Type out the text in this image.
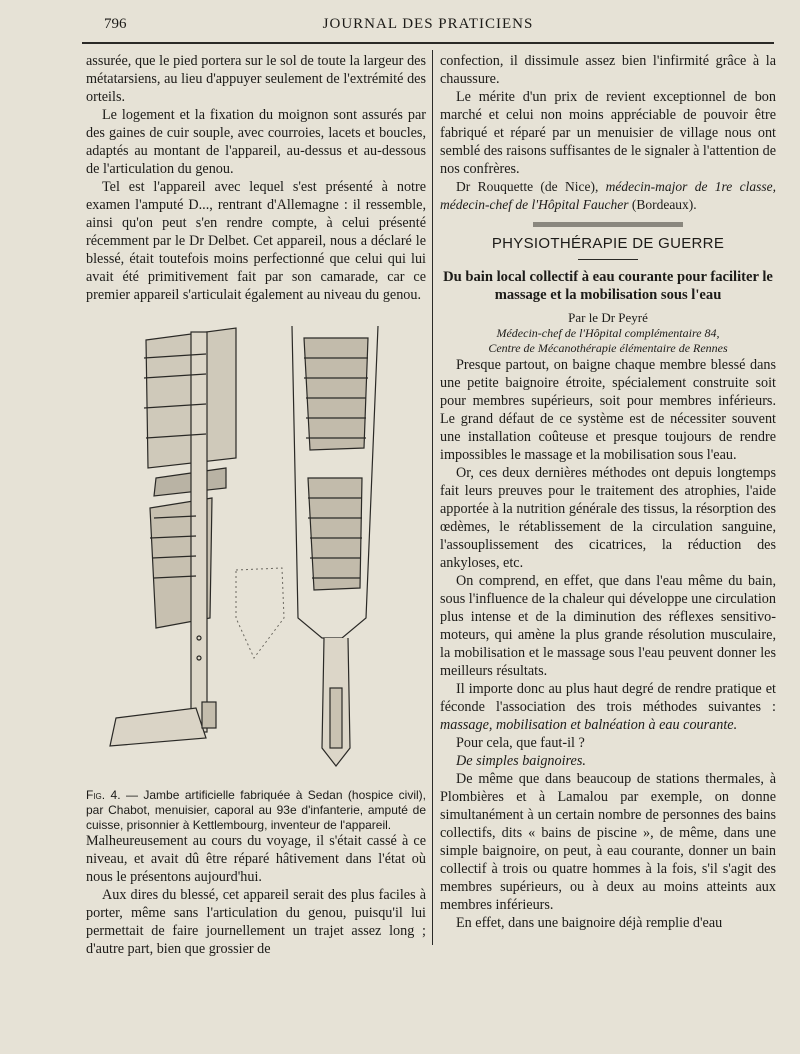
796	JOURNAL DES PRATICIENS

assurée, que le pied portera sur le sol de toute la largeur des métatarsiens, au lieu d'appuyer seulement de l'extrémité des orteils.

Le logement et la fixation du moignon sont assurés par des gaines de cuir souple, avec courroies, lacets et boucles, adaptés au montant de l'appareil, au-dessus et au-dessous de l'articulation du genou.

Tel est l'appareil avec lequel s'est présenté à notre examen l'amputé D..., rentrant d'Allemagne : il ressemble, ainsi qu'on peut s'en rendre compte, à celui présenté récemment par le Dr Delbet. Cet appareil, nous a déclaré le blessé, était toutefois moins perfectionné que celui qui lui avait été primitivement fait par son camarade, car ce premier appareil s'articulait également au niveau du genou.

Fig. 4. — Jambe artificielle fabriquée à Sedan (hospice civil), par Chabot, menuisier, caporal au 93e d'infanterie, amputé de cuisse, prisonnier à Kettlembourg, inventeur de l'appareil.

Malheureusement au cours du voyage, il s'était cassé à ce niveau, et avait dû être réparé hâtivement dans l'état où nous le présentons aujourd'hui.

Aux dires du blessé, cet appareil serait des plus faciles à porter, même sans l'articulation du genou, puisqu'il lui permettait de faire journellement un trajet assez long ; d'autre part, bien que grossier de

confection, il dissimule assez bien l'infirmité grâce à la chaussure.

Le mérite d'un prix de revient exceptionnel de bon marché et celui non moins appréciable de pouvoir être fabriqué et réparé par un menuisier de village nous ont semblé des raisons suffisantes de le signaler à l'attention de nos confrères.

Dr Rouquette (de Nice), médecin-major de 1re classe, médecin-chef de l'Hôpital Faucher (Bordeaux).

PHYSIOTHÉRAPIE DE GUERRE
Du bain local collectif à eau courante pour faciliter le massage et la mobilisation sous l'eau
Par le Dr Peyré
Médecin-chef de l'Hôpital complémentaire 84,
Centre de Mécanothérapie élémentaire de Rennes

Presque partout, on baigne chaque membre blessé dans une petite baignoire étroite, spécialement construite soit pour membres supérieurs, soit pour membres inférieurs. Le grand défaut de ce système est de nécessiter souvent une installation coûteuse et presque toujours de rendre impossibles le massage et la mobilisation sous l'eau.

Or, ces deux dernières méthodes ont depuis longtemps fait leurs preuves pour le traitement des atrophies, l'aide apportée à la nutrition générale des tissus, la résorption des œdèmes, le rétablissement de la circulation sanguine, l'assouplissement des cicatrices, la réduction des ankyloses, etc.

On comprend, en effet, que dans l'eau même du bain, sous l'influence de la chaleur qui développe une circulation plus intense et de la diminution des réflexes sensitivo-moteurs, qui amène la plus grande résolution musculaire, la mobilisation et le massage sous l'eau peuvent donner les meilleurs résultats.

Il importe donc au plus haut degré de rendre pratique et féconde l'association des trois méthodes suivantes : massage, mobilisation et balnéation à eau courante.

Pour cela, que faut-il ?

De simples baignoires.

De même que dans beaucoup de stations thermales, à Plombières et à Lamalou par exemple, on donne simultanément à un certain nombre de personnes des bains collectifs, dits « bains de piscine », de même, dans une simple baignoire, on peut, à eau courante, donner un bain collectif à trois ou quatre hommes à la fois, s'il s'agit des membres supérieurs, ou à deux au moins atteints aux membres inférieurs.

En effet, dans une baignoire déjà remplie d'eau
